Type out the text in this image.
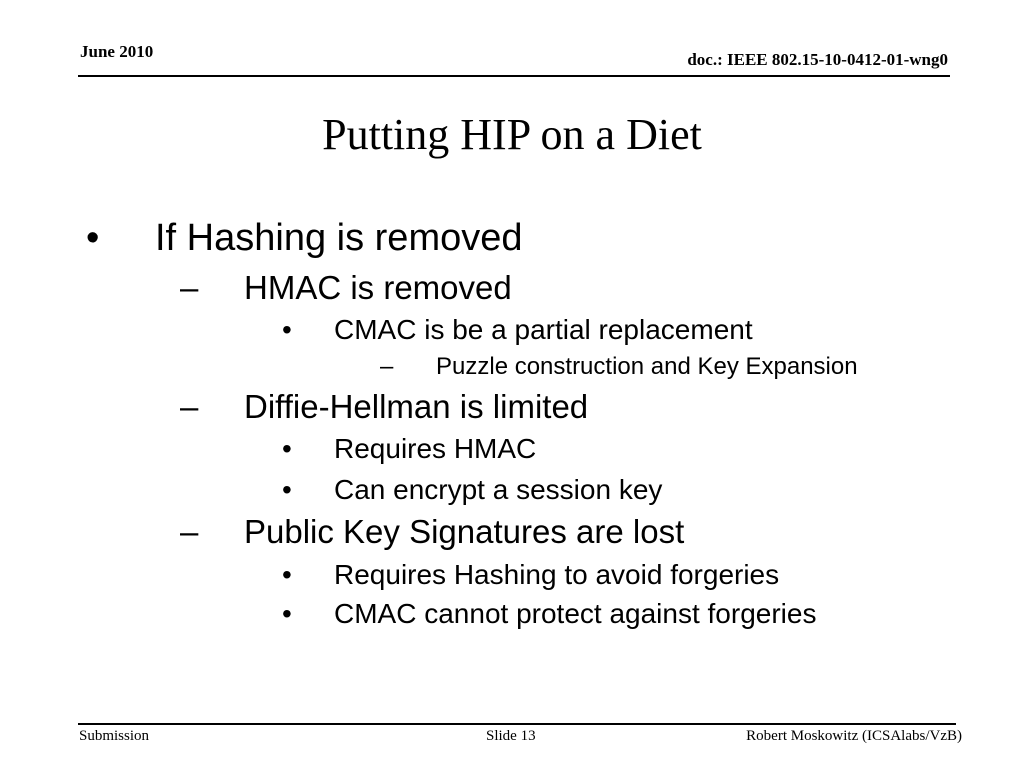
June 2010	doc.: IEEE 802.15-10-0412-01-wng0
Putting HIP on a Diet
• If Hashing is removed
– HMAC is removed
• CMAC is be a partial replacement
– Puzzle construction and Key Expansion
– Diffie-Hellman is limited
• Requires HMAC
• Can encrypt a session key
– Public Key Signatures are lost
• Requires Hashing to avoid forgeries
• CMAC cannot protect against forgeries
Submission	Slide 13	Robert Moskowitz (ICSAlabs/VzB)
